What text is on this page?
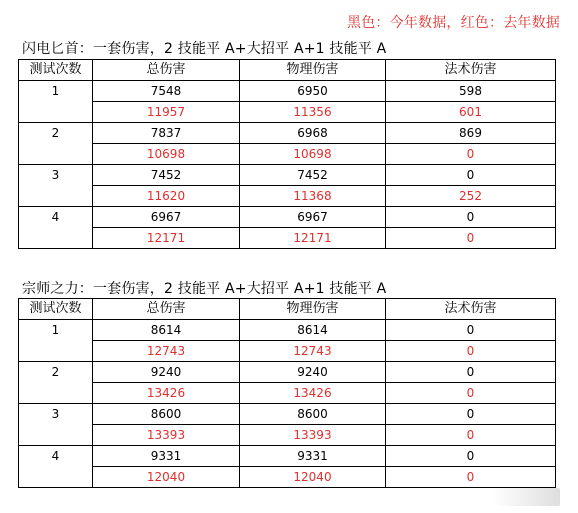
黑色：今年数据，红色：去年数据
闪电匕首：一套伤害，2 技能平 A+大招平 A+1 技能平 A
测试次数	总伤害	物理伤害	法术伤害
1	7548	6950	598
	11957	11356	601
2	7837	6968	869
	10698	10698	0
3	7452	7452	0
	11620	11368	252
4	6967	6967	0
	12171	12171	0
宗师之力：一套伤害，2 技能平 A+大招平 A+1 技能平 A
测试次数	总伤害	物理伤害	法术伤害
1	8614	8614	0
	12743	12743	0
2	9240	9240	0
	13426	13426	0
3	8600	8600	0
	13393	13393	0
4	9331	9331	0
	12040	12040	0
